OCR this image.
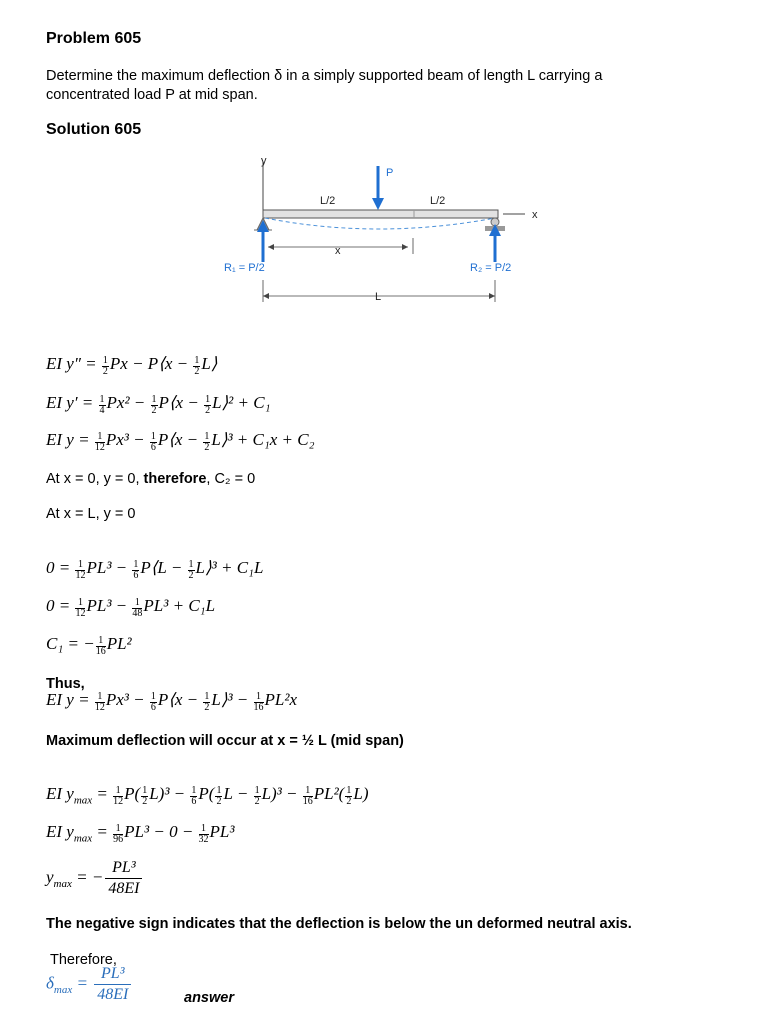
Problem 605
Determine the maximum deflection δ in a simply supported beam of length L carrying a concentrated load P at mid span.
Solution 605
y
x
P
L/2	L/2
x
R₁ = P/2	R₂ = P/2
L
EI $y'' = \frac{1}{2}$ Px − P⟨x − $\frac{1}{2}$ L⟩
EI $y' = \frac{1}{4} Px^2 - \frac{1}{2}$ P⟨x − $\frac{1}{2}$ L⟩² + C₁
EI $y = \frac{1}{12} Px^3 - \frac{1}{6}$ P⟨x − $\frac{1}{2}$ L⟩³ + C₁x + C₂
At x = 0, y = 0, therefore, C₂ = 0
At x = L, y = 0
$0 = \frac{1}{12} PL^3 - \frac{1}{6}$ P⟨L − $\frac{1}{2}$ L⟩³ + C₁L
$0 = \frac{1}{12} PL^3 - \frac{1}{48} PL^3 + C_1L$
C₁ = − $\frac{1}{16} PL^2$
Thus,
EI $y = \frac{1}{12} Px^3 - \frac{1}{6}$ P⟨x − $\frac{1}{2}$ L⟩³ − $\frac{1}{16} PL^2x$
Maximum deflection will occur at x = ½ L (mid span)
EI $y_{max} = \frac{1}{12} P( \frac{1}{2} L)^3 - \frac{1}{6} P( \frac{1}{2}$ $L - \frac{1}{2} L)^3 - \frac{1}{16} PL^2( \frac{1}{2} L)$
EI $y_{max} = \frac{1}{96} PL^3 - 0 - \frac{1}{32} PL^3$
$y_{max}$ = − $\frac{\text{PL³}}{48EI}$
The negative sign indicates that the deflection is below the un deformed neutral axis.
Therefore,
$\delta_{max} = \frac{\text{PL³}}{48EI}$	answer
